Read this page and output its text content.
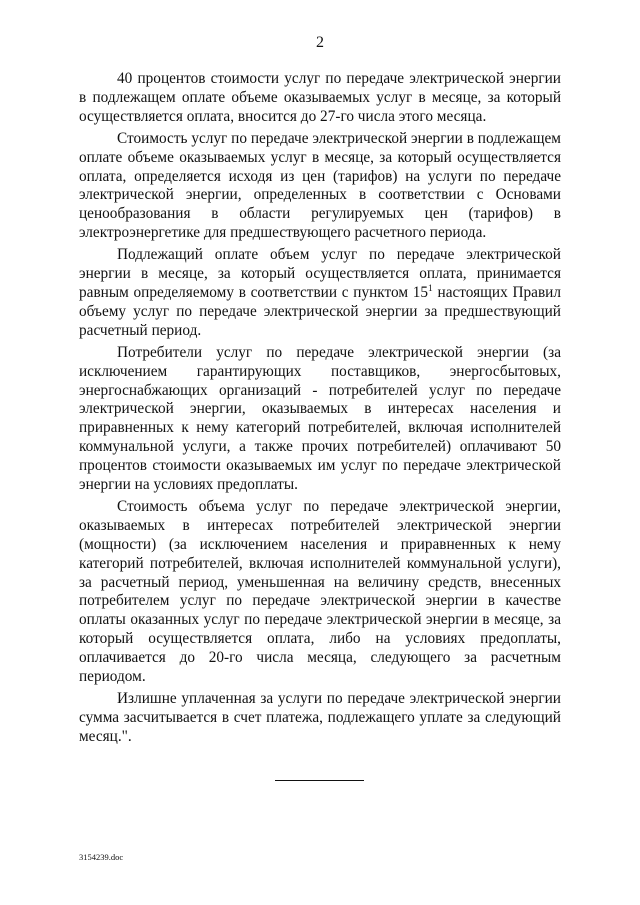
2

40 процентов стоимости услуг по передаче электрической энергии в подлежащем оплате объеме оказываемых услуг в месяце, за который осуществляется оплата, вносится до 27-го числа этого месяца.

Стоимость услуг по передаче электрической энергии в подлежащем оплате объеме оказываемых услуг в месяце, за который осуществляется оплата, определяется исходя из цен (тарифов) на услуги по передаче электрической энергии, определенных в соответствии с Основами ценообразования в области регулируемых цен (тарифов) в электроэнергетике для предшествующего расчетного периода.

Подлежащий оплате объем услуг по передаче электрической энергии в месяце, за который осуществляется оплата, принимается равным определяемому в соответствии с пунктом $15^1$ настоящих Правил объему услуг по передаче электрической энергии за предшествующий расчетный период.

Потребители услуг по передаче электрической энергии (за исключением гарантирующих поставщиков, энергосбытовых, энергоснабжающих организаций - потребителей услуг по передаче электрической энергии, оказываемых в интересах населения и приравненных к нему категорий потребителей, включая исполнителей коммунальной услуги, а также прочих потребителей) оплачивают 50 процентов стоимости оказываемых им услуг по передаче электрической энергии на условиях предоплаты.

Стоимость объема услуг по передаче электрической энергии, оказываемых в интересах потребителей электрической энергии (мощности) (за исключением населения и приравненных к нему категорий потребителей, включая исполнителей коммунальной услуги), за расчетный период, уменьшенная на величину средств, внесенных потребителем услуг по передаче электрической энергии в качестве оплаты оказанных услуг по передаче электрической энергии в месяце, за который осуществляется оплата, либо на условиях предоплаты, оплачивается до 20-го числа месяца, следующего за расчетным периодом.

Излишне уплаченная за услуги по передаче электрической энергии сумма засчитывается в счет платежа, подлежащего уплате за следующий месяц.".

3154239.doc
